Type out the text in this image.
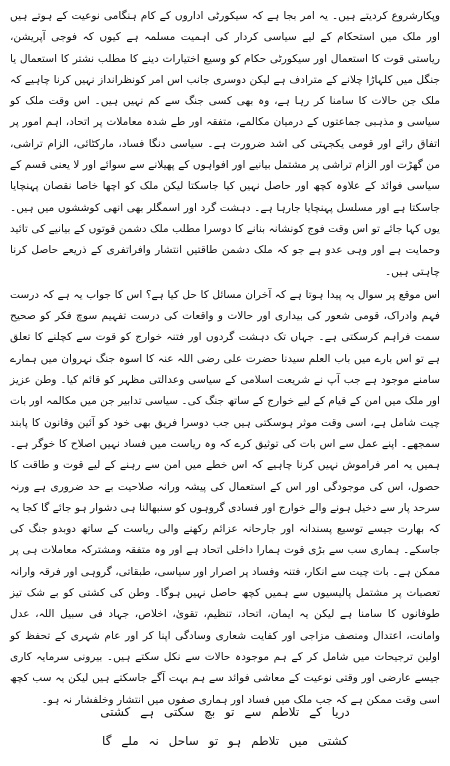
وپکارشروع کردیتے ہیں۔ یہ امر بجا ہے کہ سیکورٹی اداروں کے کام ہنگامی نوعیت کے ہوتے ہیں اور ملک میں استحکام کے لیے سیاسی کردار کی اہمیت مسلمہ ہے کیوں کہ فوجی آپریشن، ریاستی قوت کا استعمال اور سیکورٹی حکام کو وسیع اختیارات دینے کا مطلب نشتر کا استعمال یا جنگل میں کلہاڑا چلانے کے مترادف ہے لیکن دوسری جانب اس امر کونظرانداز نہیں کرنا چاہیے کہ ملک جن حالات کا سامنا کر رہا ہے، وہ بھی کسی جنگ سے کم نہیں ہیں۔ اس وقت ملک کو سیاسی و مذہبی جماعتوں کے درمیان مکالمے، متفقہ اور طے شدہ معاملات پر اتحاد، اہم امور پر اتفاق رائے اور قومی یکجہتی کی اشد ضرورت ہے۔ سیاسی دنگا فساد، مارکٹائی، الزام تراشی، من گھڑت اور الزام تراشی پر مشتمل بیانیے اور افواہوں کے پھیلانے سے سوائے اور لا یعنی قسم کے سیاسی فوائد کے علاوہ کچھ اور حاصل نہیں کیا جاسکتا لیکن ملک کو اچھا خاصا نقصان پہنچایا جاسکتا ہے اور مسلسل پہنچایا جارہا ہے۔ دہشت گرد اور اسمگلر بھی انھی کوششوں میں ہیں۔ یوں کہا جائے تو اس وقت فوج کونشانہ بنانے کا دوسرا مطلب ملک دشمن قوتوں کے بیانیے کی تائید وحمایت ہے اور وہی عدو ہے جو کہ ملک دشمن طاقتیں انتشار وافراتفری کے ذریعے حاصل کرنا چاہتی ہیں۔

اس موقع پر سوال یہ پیدا ہوتا ہے کہ آخران مسائل کا حل کیا ہے؟ اس کا جواب یہ ہے کہ درست فہم وادراک، قومی شعور کی بیداری اور حالات و واقعات کی درست تفہیم سوچ فکر کو صحیح سمت فراہم کرسکتی ہے۔ جہاں تک دہشت گردوں اور فتنہ خوارج کو قوت سے کچلنے کا تعلق ہے تو اس بارے میں باب العلم سیدنا حضرت علی رضی اللہ عنہ کا اسوہ جنگ نہروان میں ہمارے سامنے موجود ہے جب آپ نے شریعت اسلامی کے سیاسی وعدالتی مظہر کو قائم کیا۔ وطن عزیز اور ملک میں امن کے قیام کے لیے خوارج کے ساتھ جنگ کی۔ سیاسی تدابیر جن میں مکالمہ اور بات چیت شامل ہے، اسی وقت موثر ہوسکتی ہیں جب دوسرا فریق بھی خود کو آئین وقانون کا پابند سمجھے۔ اپنے عمل سے اس بات کی توثیق کرے کہ وہ ریاست میں فساد نہیں اصلاح کا خوگر ہے۔ ہمیں یہ امر فراموش نہیں کرنا چاہیے کہ اس خطے میں امن سے رہنے کے لیے قوت و طاقت کا حصول، اس کی موجودگی اور اس کے استعمال کی پیشہ ورانہ صلاحیت بے حد ضروری ہے ورنہ سرحد پار سے دخیل ہونے والے خوارج اور فسادی گروہوں کو سنبھالنا ہی دشوار ہو جائے گا کجا یہ کہ بھارت جیسے توسیع پسندانہ اور جارحانہ عزائم رکھنے والی ریاست کے ساتھ دوبدو جنگ کی جاسکے۔ ہماری سب سے بڑی قوت ہمارا داخلی اتحاد ہے اور وہ متفقہ ومشترکہ معاملات ہی پر ممکن ہے۔ بات چیت سے انکار، فتنہ وفساد پر اصرار اور سیاسی، طبقاتی، گروہی اور فرقہ وارانہ تعصبات پر مشتمل پالیسیوں سے ہمیں کچھ حاصل نہیں ہوگا۔ وطن کی کشتی کو بے شک تیز طوفانوں کا سامنا ہے لیکن یہ ایمان، اتحاد، تنظیم، تقویٰ، اخلاص، جہاد فی سبیل اللہ، عدل وامانت، اعتدال ومنصف مزاجی اور کفایت شعاری وسادگی اپنا کر اور عام شہری کے تحفظ کو اولین ترجیحات میں شامل کر کے ہم موجودہ حالات سے نکل سکتے ہیں۔ بیرونی سرمایہ کاری جیسے عارضی اور وقتی نوعیت کے معاشی فوائد سے ہم بہت آگے جاسکتے ہیں لیکن یہ سب کچھ اسی وقت ممکن ہے کہ جب ملک میں فساد اور ہماری صفوں میں انتشار وخلفشار نہ ہو۔

دریا کے تلاطم سے تو بچ سکتی ہے کشتی
کشتی میں تلاطم ہو تو ساحل نہ ملے گا
